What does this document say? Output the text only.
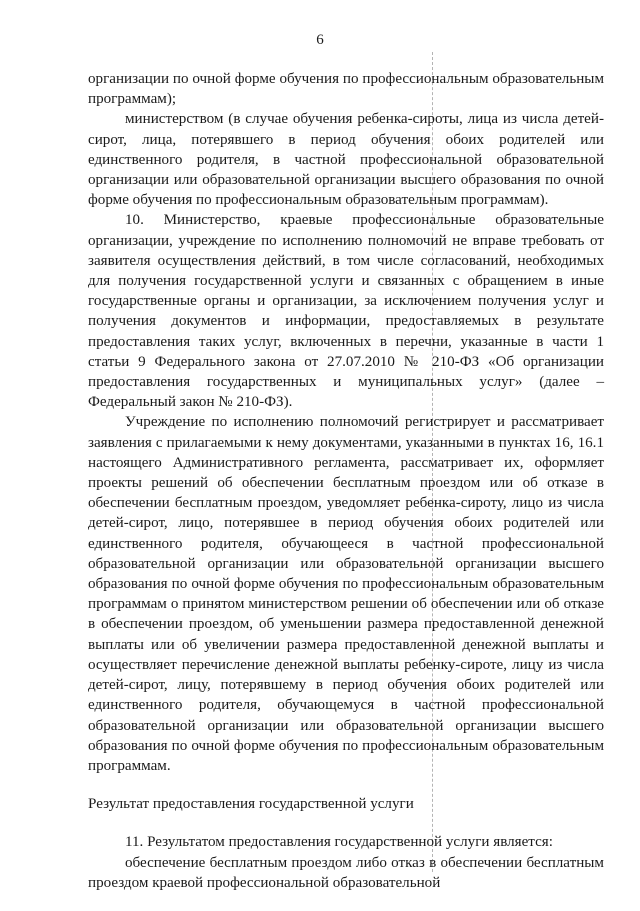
6

организации по очной форме обучения по профессиональным образовательным программам);

министерством (в случае обучения ребенка-сироты, лица из числа детей-сирот, лица, потерявшего в период обучения обоих родителей или единственного родителя, в частной профессиональной образовательной организации или образовательной организации высшего образования по очной форме обучения по профессиональным образовательным программам).

10. Министерство, краевые профессиональные образовательные организации, учреждение по исполнению полномочий не вправе требовать от заявителя осуществления действий, в том числе согласований, необходимых для получения государственной услуги и связанных с обращением в иные государственные органы и организации, за исключением получения услуг и получения документов и информации, предоставляемых в результате предоставления таких услуг, включенных в перечни, указанные в части 1 статьи 9 Федерального закона от 27.07.2010 № 210-ФЗ «Об организации предоставления государственных и муниципальных услуг» (далее – Федеральный закон № 210-ФЗ).

Учреждение по исполнению полномочий регистрирует и рассматривает заявления с прилагаемыми к нему документами, указанными в пунктах 16, 16.1 настоящего Административного регламента, рассматривает их, оформляет проекты решений об обеспечении бесплатным проездом или об отказе в обеспечении бесплатным проездом, уведомляет ребенка-сироту, лицо из числа детей-сирот, лицо, потерявшее в период обучения обоих родителей или единственного родителя, обучающееся в частной профессиональной образовательной организации или образовательной организации высшего образования по очной форме обучения по профессиональным образовательным программам о принятом министерством решении об обеспечении или об отказе в обеспечении проездом, об уменьшении размера предоставленной денежной выплаты или об увеличении размера предоставленной денежной выплаты и осуществляет перечисление денежной выплаты ребенку-сироте, лицу из числа детей-сирот, лицу, потерявшему в период обучения обоих родителей или единственного родителя, обучающемуся в частной профессиональной образовательной организации или образовательной организации высшего образования по очной форме обучения по профессиональным образовательным программам.

Результат предоставления государственной услуги

11. Результатом предоставления государственной услуги является:

обеспечение бесплатным проездом либо отказ в обеспечении бесплатным проездом краевой профессиональной образовательной
